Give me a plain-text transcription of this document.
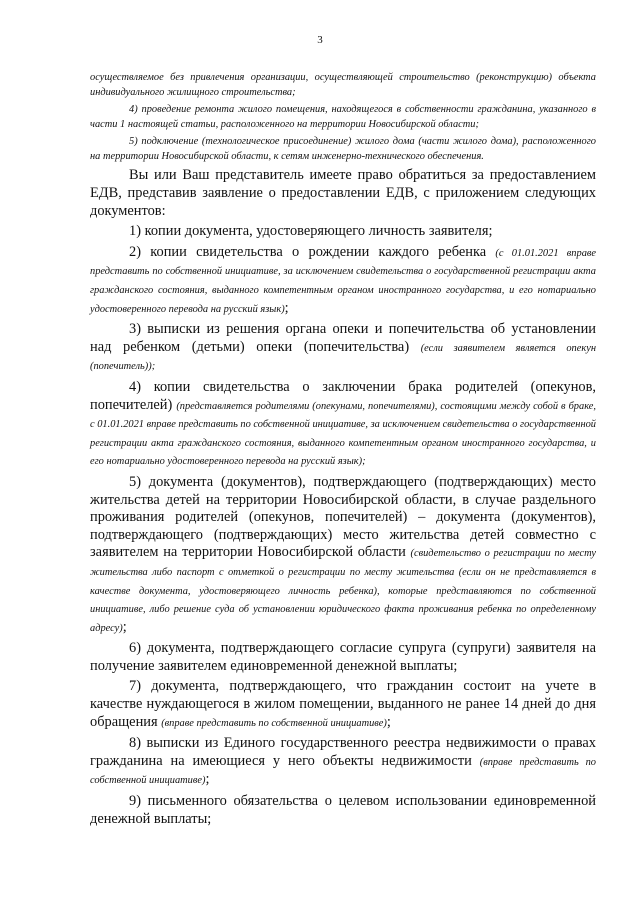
3

осуществляемое без привлечения организации, осуществляющей строительство (реконструкцию) объекта индивидуального жилищного строительства;

4) проведение ремонта жилого помещения, находящегося в собственности гражданина, указанного в части 1 настоящей статьи, расположенного на территории Новосибирской области;

5) подключение (технологическое присоединение) жилого дома (части жилого дома), расположенного на территории Новосибирской области, к сетям инженерно-технического обеспечения.

Вы или Ваш представитель имеете право обратиться за предоставлением ЕДВ, представив заявление о предоставлении ЕДВ, с приложением следующих документов:

1) копии документа, удостоверяющего личность заявителя;

2) копии свидетельства о рождении каждого ребенка (с 01.01.2021 вправе представить по собственной инициативе, за исключением свидетельства о государственной регистрации акта гражданского состояния, выданного компетентным органом иностранного государства, и его нотариально удостоверенного перевода на русский язык);

3) выписки из решения органа опеки и попечительства об установлении над ребенком (детьми) опеки (попечительства) (если заявителем является опекун (попечитель));

4) копии свидетельства о заключении брака родителей (опекунов, попечителей) (представляется родителями (опекунами, попечителями), состоящими между собой в браке, с 01.01.2021 вправе представить по собственной инициативе, за исключением свидетельства о государственной регистрации акта гражданского состояния, выданного компетентным органом иностранного государства, и его нотариально удостоверенного перевода на русский язык);

5) документа (документов), подтверждающего (подтверждающих) место жительства детей на территории Новосибирской области, в случае раздельного проживания родителей (опекунов, попечителей) – документа (документов), подтверждающего (подтверждающих) место жительства детей совместно с заявителем на территории Новосибирской области (свидетельство о регистрации по месту жительства либо паспорт с отметкой о регистрации по месту жительства (если он не представляется в качестве документа, удостоверяющего личность ребенка), которые представляются по собственной инициативе, либо решение суда об установлении юридического факта проживания ребенка по определенному адресу);

6) документа, подтверждающего согласие супруга (супруги) заявителя на получение заявителем единовременной денежной выплаты;

7) документа, подтверждающего, что гражданин состоит на учете в качестве нуждающегося в жилом помещении, выданного не ранее 14 дней до дня обращения (вправе представить по собственной инициативе);

8) выписки из Единого государственного реестра недвижимости о правах гражданина на имеющиеся у него объекты недвижимости (вправе представить по собственной инициативе);

9) письменного обязательства о целевом использовании единовременной денежной выплаты;
